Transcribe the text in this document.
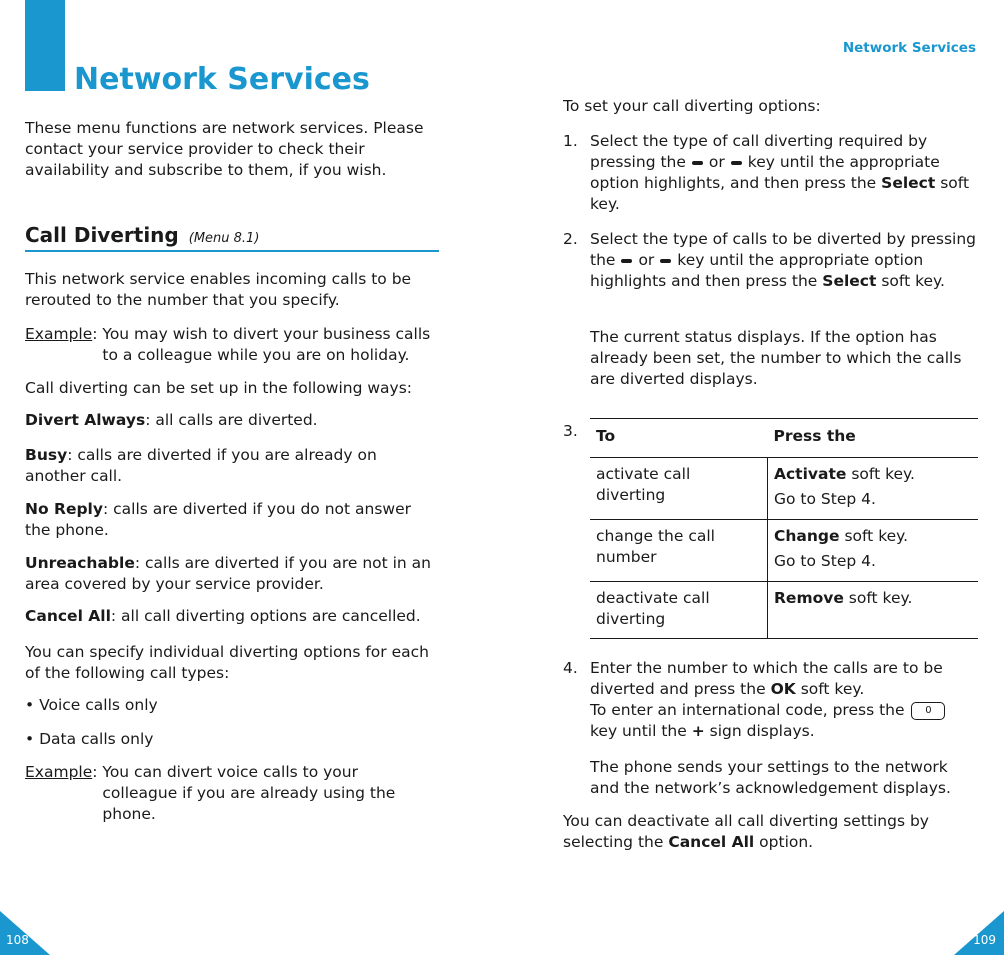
Network Services

These menu functions are network services. Please contact your service provider to check their availability and subscribe to them, if you wish.

Call Diverting (Menu 8.1)

This network service enables incoming calls to be rerouted to the number that you specify.

Example: You may wish to divert your business calls to a colleague while you are on holiday.

Call diverting can be set up in the following ways:

Divert Always: all calls are diverted.

Busy: calls are diverted if you are already on another call.

No Reply: calls are diverted if you do not answer the phone.

Unreachable: calls are diverted if you are not in an area covered by your service provider.

Cancel All: all call diverting options are cancelled.

You can specify individual diverting options for each of the following call types:

• Voice calls only

• Data calls only

Example: You can divert voice calls to your colleague if you are already using the phone.
108
Network Services

To set your call diverting options:

1. Select the type of call diverting required by pressing the or key until the appropriate option highlights, and then press the Select soft key.
2. Select the type of calls to be diverted by pressing the or key until the appropriate option highlights and then press the Select soft key.

The current status displays. If the option has already been set, the number to which the calls are diverted displays.

3.	To	Press the
activate call diverting	Activate soft key.
Go to Step 4.

change the call number	Change soft key.
Go to Step 4.

deactivate call diverting	Remove soft key.
4. Enter the number to which the calls are to be diverted and press the OK soft key.
To enter an international code, press the 0
key until the + sign displays.

The phone sends your settings to the network and the network’s acknowledgement displays.

You can deactivate all call diverting settings by selecting the Cancel All option.

109
